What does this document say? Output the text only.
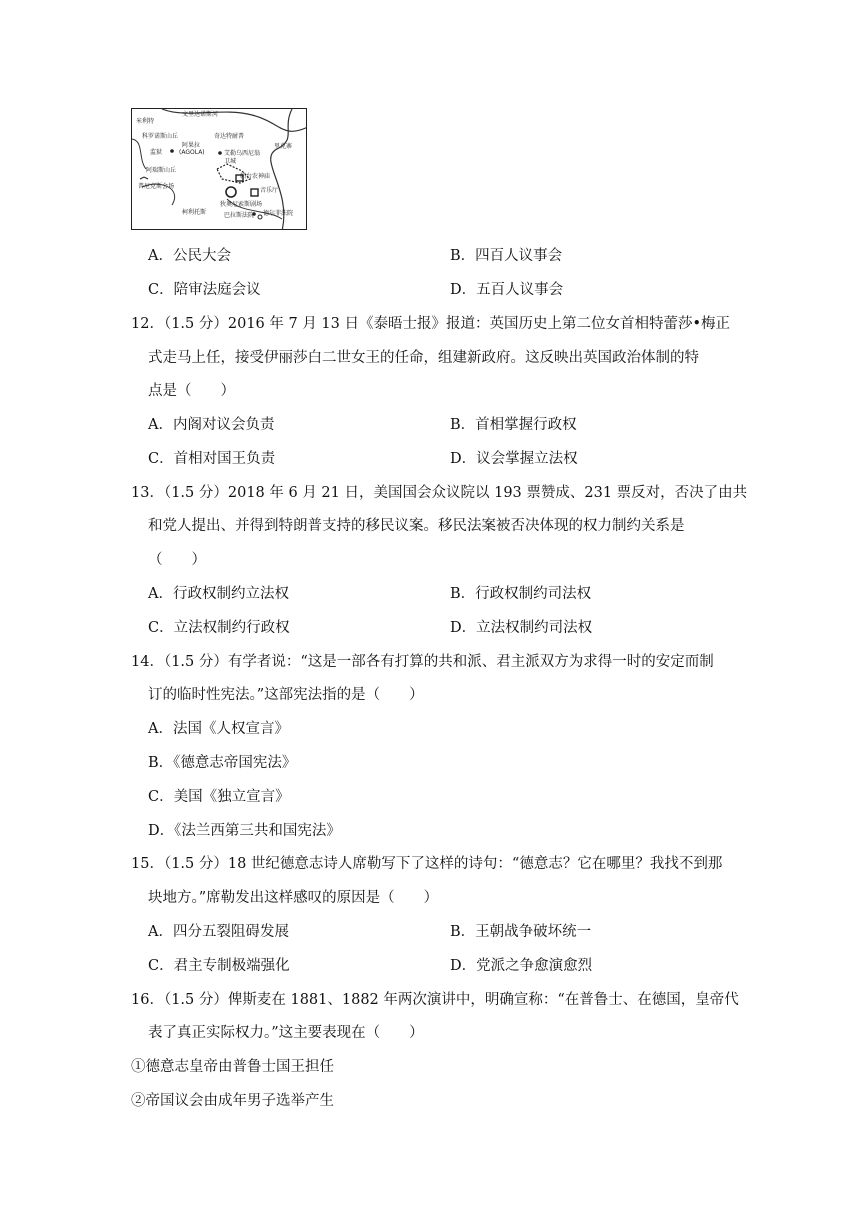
文里达诺斯河
米利特
科罗诺斯山丘	奇达特耐普
里克寨
监狱
阿果拉
(AGOLA)	艾勒乌西尼翁
卫城
阿瑞斯山丘
帕台农神庙
音乐厅
普尼克斯会场
狄奥尼索斯剧场
柯利托斯	巴拉斯法院 德尔菲法院
A．公民大会	B．四百人议事会
C．陪审法庭会议	D．五百人议事会
12．（1.5 分）2016 年 7 月 13 日《泰晤士报》报道：英国历史上第二位女首相特蕾莎•梅正
式走马上任，接受伊丽莎白二世女王的任命，组建新政府。这反映出英国政治体制的特
点是（　　）
A．内阁对议会负责	B．首相掌握行政权
C．首相对国王负责	D．议会掌握立法权
13．（1.5 分）2018 年 6 月 21 日，美国国会众议院以 193 票赞成、231 票反对，否决了由共
和党人提出、并得到特朗普支持的移民议案。移民法案被否决体现的权力制约关系是
（　　）
A．行政权制约立法权	B．行政权制约司法权
C．立法权制约行政权	D．立法权制约司法权
14．（1.5 分）有学者说：“这是一部各有打算的共和派、君主派双方为求得一时的安定而制
订的临时性宪法。”这部宪法指的是（　　）
A．法国《人权宣言》
B．《德意志帝国宪法》
C．美国《独立宣言》
D．《法兰西第三共和国宪法》
15．（1.5 分）18 世纪德意志诗人席勒写下了这样的诗句：“德意志？它在哪里？我找不到那
块地方。”席勒发出这样感叹的原因是（　　）
A．四分五裂阻碍发展	B．王朝战争破坏统一
C．君主专制极端强化	D．党派之争愈演愈烈
16．（1.5 分）俾斯麦在 1881、1882 年两次演讲中，明确宣称：“在普鲁士、在德国，皇帝代
表了真正实际权力。”这主要表现在（　　）
①德意志皇帝由普鲁士国王担任
②帝国议会由成年男子选举产生
